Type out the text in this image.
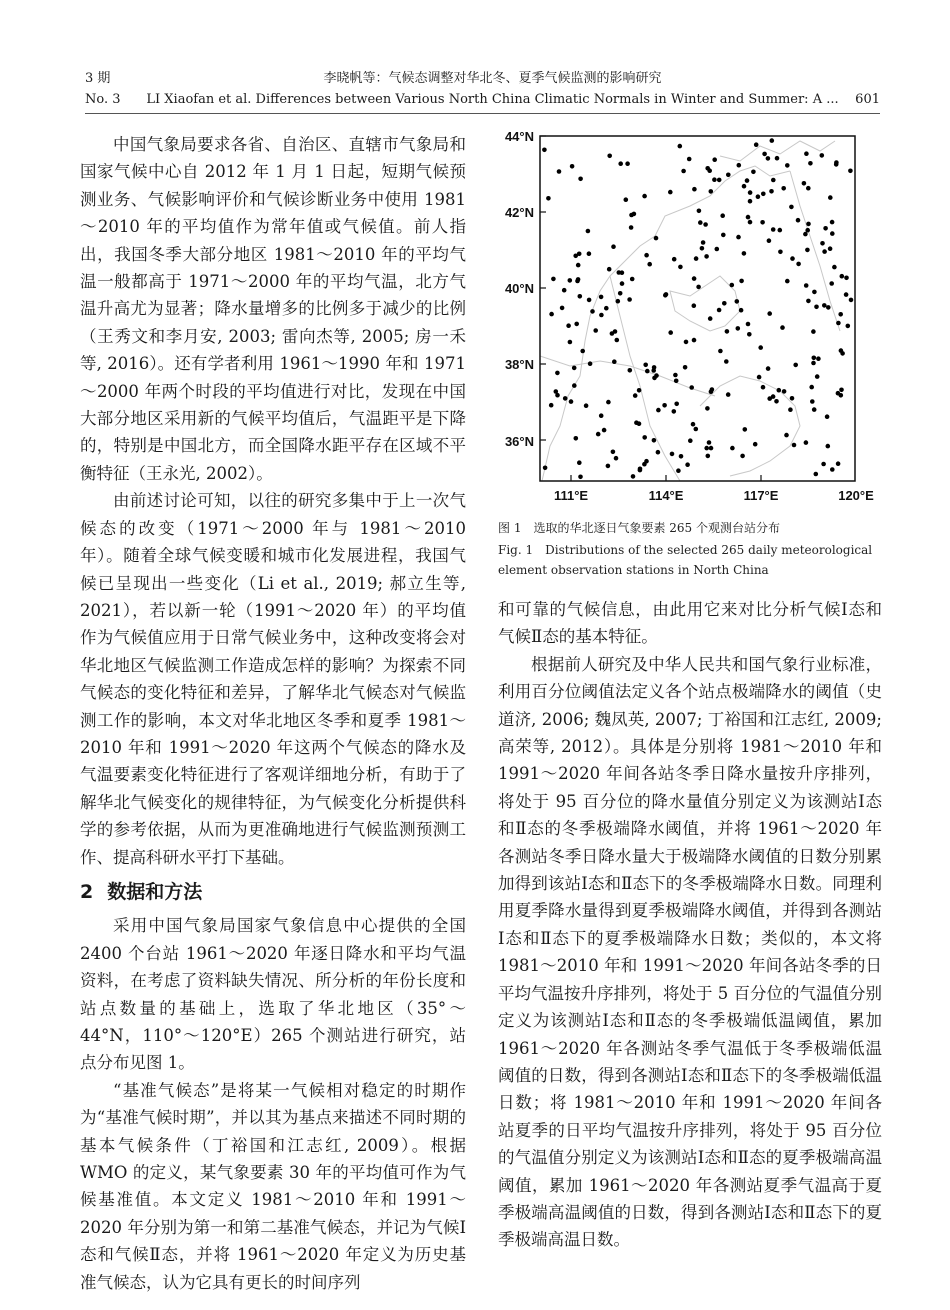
3 期	李晓帆等：气候态调整对华北冬、夏季气候监测的影响研究
No. 3 LI Xiaofan et al. Differences between Various North China Climatic Normals in Winter and Summer: A ... 601

中国气象局要求各省、自治区、直辖市气象局和国家气候中心自 2012 年 1 月 1 日起，短期气候预测业务、气候影响评价和气候诊断业务中使用 1981～2010 年的平均值作为常年值或气候值。前人指出，我国冬季大部分地区 1981～2010 年的平均气温一般都高于 1971～2000 年的平均气温，北方气温升高尤为显著；降水量增多的比例多于减少的比例（王秀文和李月安, 2003; 雷向杰等, 2005; 房一禾等, 2016）。还有学者利用 1961～1990 年和 1971～2000 年两个时段的平均值进行对比，发现在中国大部分地区采用新的气候平均值后，气温距平是下降的，特别是中国北方，而全国降水距平存在区域不平衡特征（王永光, 2002）。

由前述讨论可知，以往的研究多集中于上一次气候态的改变（1971～2000 年与 1981～2010 年）。随着全球气候变暖和城市化发展进程，我国气候已呈现出一些变化（Li et al., 2019; 郝立生等, 2021），若以新一轮（1991～2020 年）的平均值作为气候值应用于日常气候业务中，这种改变将会对华北地区气候监测工作造成怎样的影响？为探索不同气候态的变化特征和差异，了解华北气候态对气候监测工作的影响，本文对华北地区冬季和夏季 1981～2010 年和 1991～2020 年这两个气候态的降水及气温要素变化特征进行了客观详细地分析，有助于了解华北气候变化的规律特征，为气候变化分析提供科学的参考依据，从而为更准确地进行气候监测预测工作、提高科研水平打下基础。

2 数据和方法

采用中国气象局国家气象信息中心提供的全国 2400 个台站 1961～2020 年逐日降水和平均气温资料，在考虑了资料缺失情况、所分析的年份长度和站点数量的基础上，选取了华北地区（35°～44°N，110°～120°E）265 个测站进行研究，站点分布见图 1。

“基准气候态”是将某一气候相对稳定的时期作为“基准气候时期”，并以其为基点来描述不同时期的基本气候条件（丁裕国和江志红, 2009）。根据 WMO 的定义，某气象要素 30 年的平均值可作为气候基准值。本文定义 1981～2010 年和 1991～2020 年分别为第一和第二基准气候态，并记为气候Ⅰ态和气候Ⅱ态，并将 1961～2020 年定义为历史基准气候态，认为它具有更长的时间序列

44°N
42°N
40°N
38°N
36°N
111°E	114°E	117°E	120°E
图 1　选取的华北逐日气象要素 265 个观测台站分布
Fig. 1　Distributions of the selected 265 daily meteorological element observation stations in North China

和可靠的气候信息，由此用它来对比分析气候Ⅰ态和气候Ⅱ态的基本特征。

根据前人研究及中华人民共和国气象行业标准，利用百分位阈值法定义各个站点极端降水的阈值（史道济, 2006; 魏凤英, 2007; 丁裕国和江志红, 2009; 高荣等, 2012）。具体是分别将 1981～2010 年和 1991～2020 年间各站冬季日降水量按升序排列，将处于 95 百分位的降水量值分别定义为该测站Ⅰ态和Ⅱ态的冬季极端降水阈值，并将 1961～2020 年各测站冬季日降水量大于极端降水阈值的日数分别累加得到该站Ⅰ态和Ⅱ态下的冬季极端降水日数。同理利用夏季降水量得到夏季极端降水阈值，并得到各测站Ⅰ态和Ⅱ态下的夏季极端降水日数；类似的，本文将 1981～2010 年和 1991～2020 年间各站冬季的日平均气温按升序排列，将处于 5 百分位的气温值分别定义为该测站Ⅰ态和Ⅱ态的冬季极端低温阈值，累加 1961～2020 年各测站冬季气温低于冬季极端低温阈值的日数，得到各测站Ⅰ态和Ⅱ态下的冬季极端低温日数；将 1981～2010 年和 1991～2020 年间各站夏季的日平均气温按升序排列，将处于 95 百分位的气温值分别定义为该测站Ⅰ态和Ⅱ态的夏季极端高温阈值，累加 1961～2020 年各测站夏季气温高于夏季极端高温阈值的日数，得到各测站Ⅰ态和Ⅱ态下的夏季极端高温日数。
